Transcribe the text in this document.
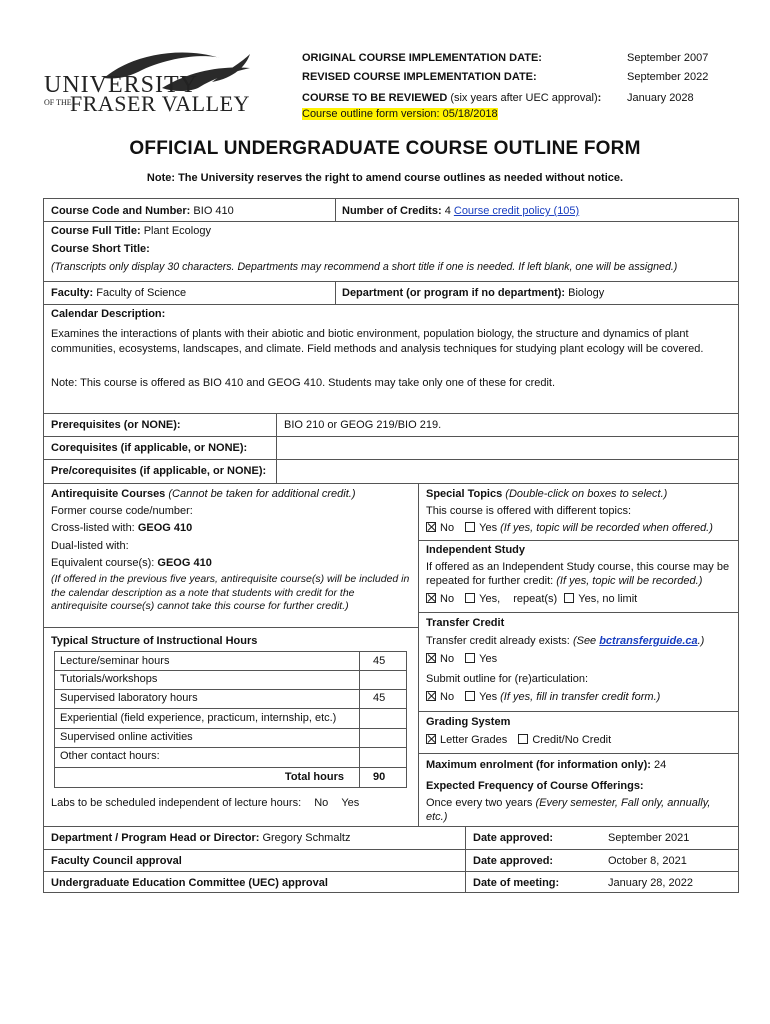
UNIVERSITY
OF THE
FRASER VALLEY
ORIGINAL COURSE IMPLEMENTATION DATE:	September 2007
REVISED COURSE IMPLEMENTATION DATE:	September 2022
COURSE TO BE REVIEWED (six years after UEC approval): January 2028
Course outline form version: 05/18/2018
OFFICIAL UNDERGRADUATE COURSE OUTLINE FORM
Note: The University reserves the right to amend course outlines as needed without notice.
Course Code and Number: BIO 410	Number of Credits: 4 Course credit policy (105)
Course Full Title: Plant Ecology
Course Short Title:
(Transcripts only display 30 characters. Departments may recommend a short title if one is needed. If left blank, one will be assigned.)
Faculty: Faculty of Science	Department (or program if no department): Biology
Calendar Description:
Examines the interactions of plants with their abiotic and biotic environment, population biology, the structure and dynamics of plant communities, ecosystems, landscapes, and climate. Field methods and analysis techniques for studying plant ecology will be covered.
Note: This course is offered as BIO 410 and GEOG 410. Students may take only one of these for credit.
Prerequisites (or NONE):	BIO 210 or GEOG 219/BIO 219.
Corequisites (if applicable, or NONE):
Pre/corequisites (if applicable, or NONE):
Antirequisite Courses (Cannot be taken for additional credit.)
Former course code/number:
Cross-listed with: GEOG 410
Dual-listed with:
Equivalent course(s): GEOG 410
(If offered in the previous five years, antirequisite course(s) will be included in the calendar description as a note that students with credit for the antirequisite course(s) cannot take this course for further credit.)
Typical Structure of Instructional Hours
Lecture/seminar hours	45
Tutorials/workshops
Supervised laboratory hours	45
Experiential (field experience, practicum, internship, etc.)
Supervised online activities
Other contact hours:
Total hours	90
Labs to be scheduled independent of lecture hours: No Yes
Special Topics (Double-click on boxes to select.)
This course is offered with different topics:
No Yes (If yes, topic will be recorded when offered.)
Independent Study
If offered as an Independent Study course, this course may be repeated for further credit: (If yes, topic will be recorded.)
No Yes, repeat(s) Yes, no limit
Transfer Credit
Transfer credit already exists: (See bctransferguide.ca.)
No Yes
Submit outline for (re)articulation:
No Yes (If yes, fill in transfer credit form.)
Grading System
Letter Grades Credit/No Credit
Maximum enrolment (for information only): 24
Expected Frequency of Course Offerings:
Once every two years (Every semester, Fall only, annually, etc.)
Department / Program Head or Director: Gregory Schmaltz	Date approved:	September 2021
Faculty Council approval	Date approved:	October 8, 2021
Undergraduate Education Committee (UEC) approval	Date of meeting:	January 28, 2022
